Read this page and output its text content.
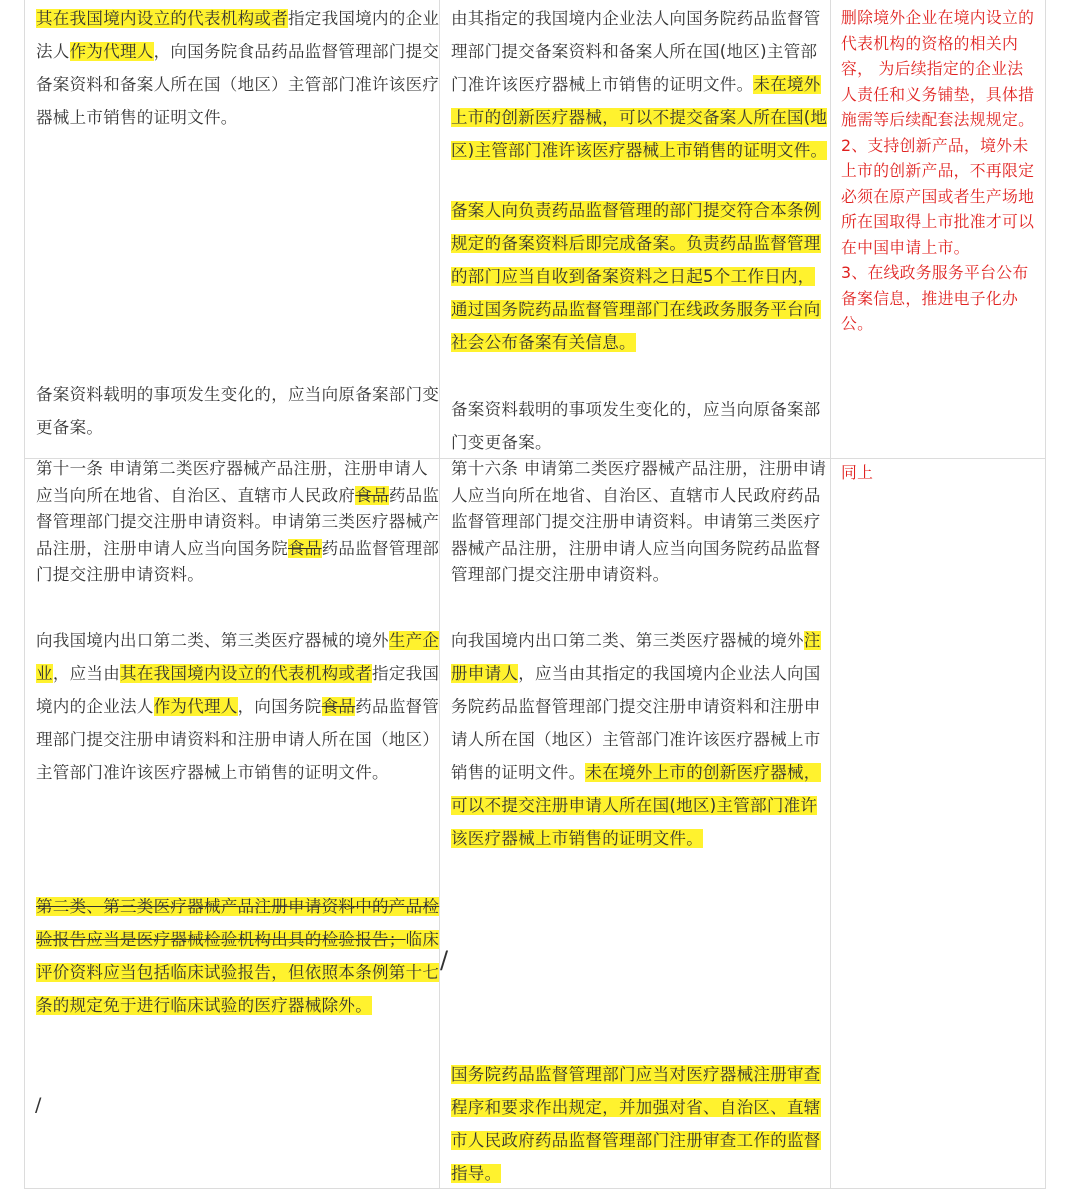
其在我国境内设立的代表机构或者指定我国境内的企业法人作为代理人，向国务院食品药品监督管理部门提交备案资料和备案人所在国（地区）主管部门准许该医疗器械上市销售的证明文件。
备案资料载明的事项发生变化的，应当向原备案部门变更备案。
由其指定的我国境内企业法人向国务院药品监督管理部门提交备案资料和备案人所在国(地区)主管部门准许该医疗器械上市销售的证明文件。未在境外上市的创新医疗器械，可以不提交备案人所在国(地区)主管部门准许该医疗器械上市销售的证明文件。
备案人向负责药品监督管理的部门提交符合本条例规定的备案资料后即完成备案。负责药品监督管理的部门应当自收到备案资料之日起5个工作日内，通过国务院药品监督管理部门在线政务服务平台向社会公布备案有关信息。
备案资料载明的事项发生变化的，应当向原备案部门变更备案。
删除境外企业在境内设立的代表机构的资格的相关内容， 为后续指定的企业法人责任和义务铺垫，具体措施需等后续配套法规规定。
2、支持创新产品，境外未上市的创新产品，不再限定必须在原产国或者生产场地所在国取得上市批准才可以在中国申请上市。
3、在线政务服务平台公布备案信息，推进电子化办公。
第十一条 申请第二类医疗器械产品注册，注册申请人应当向所在地省、自治区、直辖市人民政府食品药品监督管理部门提交注册申请资料。申请第三类医疗器械产品注册，注册申请人应当向国务院食品药品监督管理部门提交注册申请资料。
向我国境内出口第二类、第三类医疗器械的境外生产企业，应当由其在我国境内设立的代表机构或者指定我国境内的企业法人作为代理人，向国务院食品药品监督管理部门提交注册申请资料和注册申请人所在国（地区）主管部门准许该医疗器械上市销售的证明文件。
第二类、第三类医疗器械产品注册申请资料中的产品检验报告应当是医疗器械检验机构出具的检验报告；临床评价资料应当包括临床试验报告，但依照本条例第十七条的规定免于进行临床试验的医疗器械除外。
/
第十六条 申请第二类医疗器械产品注册，注册申请人应当向所在地省、自治区、直辖市人民政府药品监督管理部门提交注册申请资料。申请第三类医疗器械产品注册，注册申请人应当向国务院药品监督管理部门提交注册申请资料。
向我国境内出口第二类、第三类医疗器械的境外注册申请人，应当由其指定的我国境内企业法人向国务院药品监督管理部门提交注册申请资料和注册申请人所在国（地区）主管部门准许该医疗器械上市销售的证明文件。未在境外上市的创新医疗器械，可以不提交注册申请人所在国(地区)主管部门准许该医疗器械上市销售的证明文件。
/
国务院药品监督管理部门应当对医疗器械注册审查程序和要求作出规定，并加强对省、自治区、直辖市人民政府药品监督管理部门注册审查工作的监督指导。
同上
